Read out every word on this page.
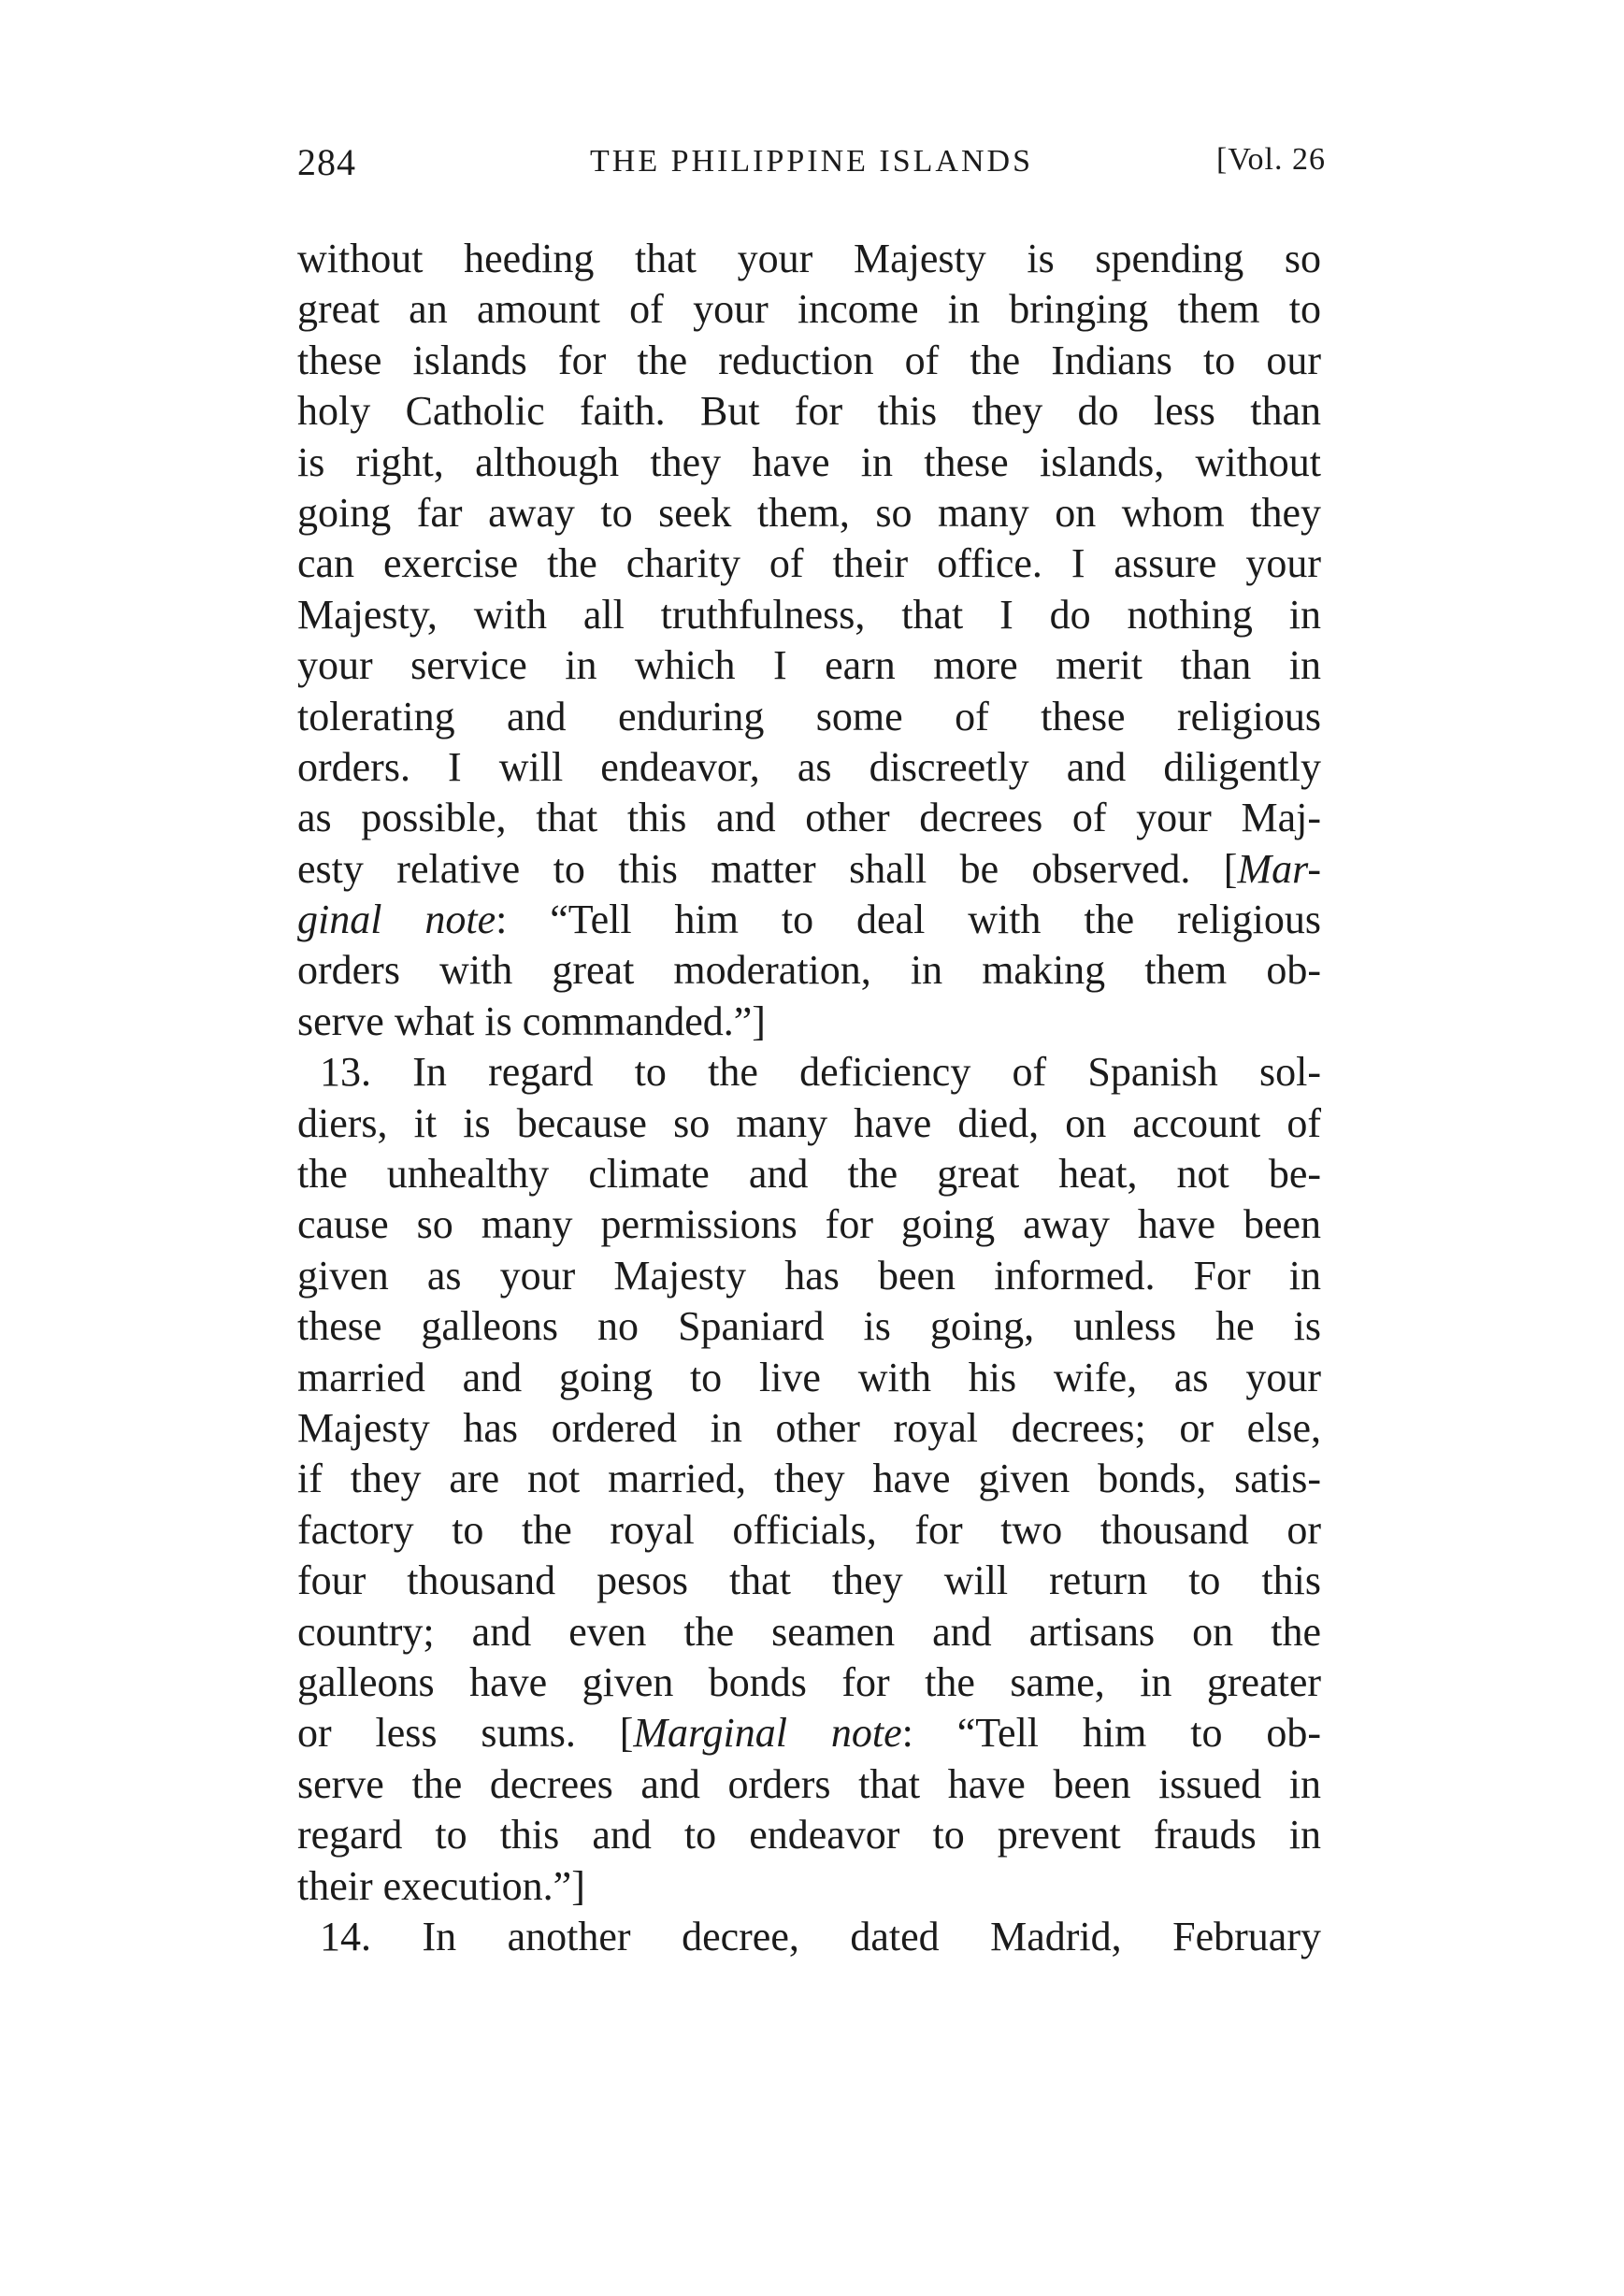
284	THE PHILIPPINE ISLANDS	[Vol. 26
without heeding that your Majesty is spending so
great an amount of your income in bringing them to
these islands for the reduction of the Indians to our
holy Catholic faith. But for this they do less than
is right, although they have in these islands, without
going far away to seek them, so many on whom they
can exercise the charity of their office. I assure your
Majesty, with all truthfulness, that I do nothing in
your service in which I earn more merit than in
tolerating and enduring some of these religious
orders. I will endeavor, as discreetly and diligently
as possible, that this and other decrees of your Maj-
esty relative to this matter shall be observed. [Mar-
ginal note: “Tell him to deal with the religious
orders with great moderation, in making them ob-
serve what is commanded.”]
13. In regard to the deficiency of Spanish sol-
diers, it is because so many have died, on account of
the unhealthy climate and the great heat, not be-
cause so many permissions for going away have been
given as your Majesty has been informed. For in
these galleons no Spaniard is going, unless he is
married and going to live with his wife, as your
Majesty has ordered in other royal decrees; or else,
if they are not married, they have given bonds, satis-
factory to the royal officials, for two thousand or
four thousand pesos that they will return to this
country; and even the seamen and artisans on the
galleons have given bonds for the same, in greater
or less sums. [Marginal note: “Tell him to ob-
serve the decrees and orders that have been issued in
regard to this and to endeavor to prevent frauds in
their execution.”]
14. In another decree, dated Madrid, February
